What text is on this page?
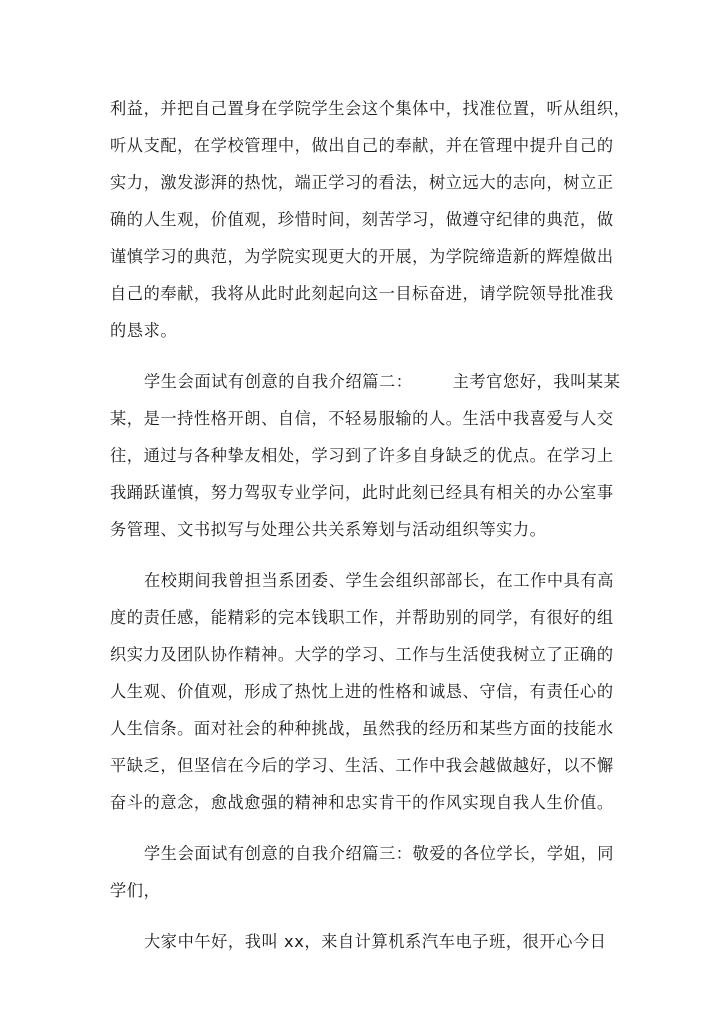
利益，并把自己置身在学院学生会这个集体中，找准位置，听从组织，
听从支配，在学校管理中，做出自己的奉献，并在管理中提升自己的
实力，激发澎湃的热忱，端正学习的看法，树立远大的志向，树立正
确的人生观，价值观，珍惜时间，刻苦学习，做遵守纪律的典范，做
谨慎学习的典范，为学院实现更大的开展，为学院缔造新的辉煌做出
自己的奉献，我将从此时此刻起向这一目标奋进，请学院领导批准我
的恳求。
学生会面试有创意的自我介绍篇二： 主考官您好，我叫某某
某，是一持性格开朗、自信，不轻易服输的人。生活中我喜爱与人交
往，通过与各种挚友相处，学习到了许多自身缺乏的优点。在学习上
我踊跃谨慎，努力驾驭专业学问，此时此刻已经具有相关的办公室事
务管理、文书拟写与处理公共关系筹划与活动组织等实力。
在校期间我曾担当系团委、学生会组织部部长，在工作中具有高
度的责任感，能精彩的完本钱职工作，并帮助别的同学，有很好的组
织实力及团队协作精神。大学的学习、工作与生活使我树立了正确的
人生观、价值观，形成了热忱上进的性格和诚恳、守信，有责任心的
人生信条。面对社会的种种挑战，虽然我的经历和某些方面的技能水
平缺乏，但坚信在今后的学习、生活、工作中我会越做越好，以不懈
奋斗的意念，愈战愈强的精神和忠实肯干的作风实现自我人生价值。
学生会面试有创意的自我介绍篇三：敬爱的各位学长，学姐，同
学们，
大家中午好，我叫 xx，来自计算机系汽车电子班，很开心今日
